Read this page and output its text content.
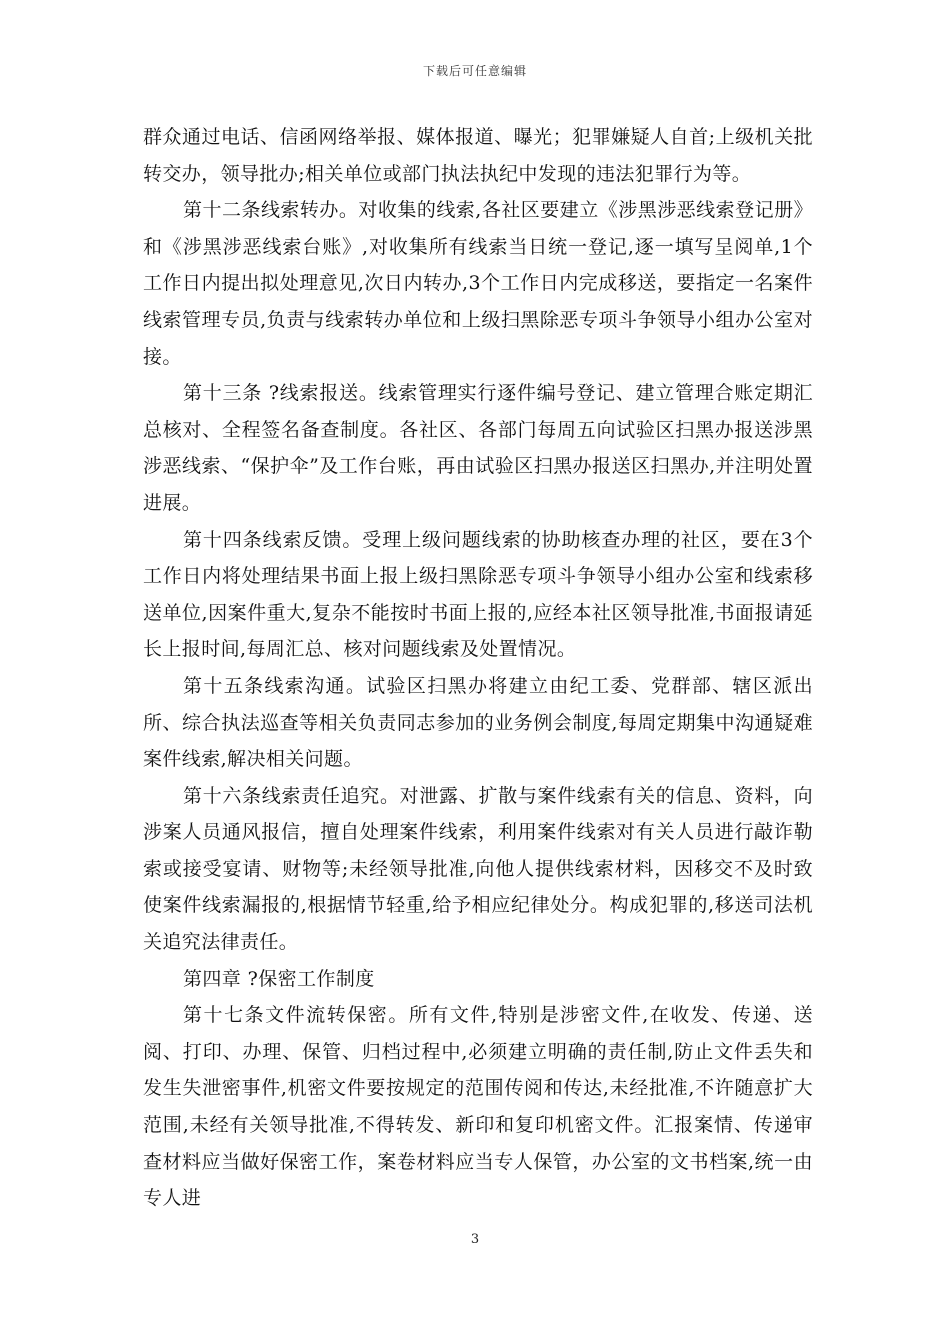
下载后可任意编辑

群众通过电话、信函网络举报、媒体报道、曝光；犯罪嫌疑人自首;上级机关批转交办，领导批办;相关单位或部门执法执纪中发现的违法犯罪行为等。

第十二条线索转办。对收集的线索,各社区要建立《涉黑涉恶线索登记册》和《涉黑涉恶线索台账》,对收集所有线索当日统一登记,逐一填写呈阅单,1个工作日内提出拟处理意见,次日内转办,3个工作日内完成移送，要指定一名案件线索管理专员,负责与线索转办单位和上级扫黑除恶专项斗争领导小组办公室对接。

第十三条 ?线索报送。线索管理实行逐件编号登记、建立管理合账定期汇总核对、全程签名备查制度。各社区、各部门每周五向试验区扫黑办报送涉黑涉恶线索、“保护伞”及工作台账，再由试验区扫黑办报送区扫黑办,并注明处置进展。

第十四条线索反馈。受理上级问题线索的协助核查办理的社区，要在3个工作日内将处理结果书面上报上级扫黑除恶专项斗争领导小组办公室和线索移送单位,因案件重大,复杂不能按时书面上报的,应经本社区领导批准,书面报请延长上报时间,每周汇总、核对问题线索及处置情况。

第十五条线索沟通。试验区扫黑办将建立由纪工委、党群部、辖区派出所、综合执法巡查等相关负责同志参加的业务例会制度,每周定期集中沟通疑难案件线索,解决相关问题。

第十六条线索责任追究。对泄露、扩散与案件线索有关的信息、资料，向涉案人员通风报信，擅自处理案件线索，利用案件线索对有关人员进行敲诈勒索或接受宴请、财物等;未经领导批准,向他人提供线索材料，因移交不及时致使案件线索漏报的,根据情节轻重,给予相应纪律处分。构成犯罪的,移送司法机关追究法律责任。

第四章 ?保密工作制度

第十七条文件流转保密。所有文件,特别是涉密文件,在收发、传递、送阅、打印、办理、保管、归档过程中,必须建立明确的责任制,防止文件丢失和发生失泄密事件,机密文件要按规定的范围传阅和传达,未经批准,不许随意扩大范围,未经有关领导批准,不得转发、新印和复印机密文件。汇报案情、传递审查材料应当做好保密工作，案卷材料应当专人保管，办公室的文书档案,统一由专人进

3
